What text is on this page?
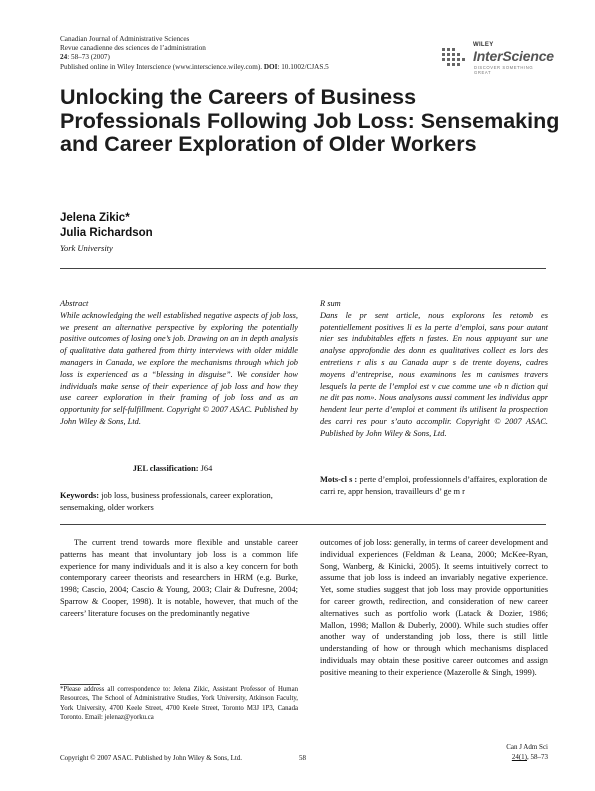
Canadian Journal of Administrative Sciences
Revue canadienne des sciences de l’administration
24: 58–73 (2007)
Published online in Wiley Interscience (www.interscience.wiley.com). DOI: 10.1002/CJAS.5
WILEY
InterScience
DISCOVER SOMETHING GREAT
Unlocking the Careers of Business Professionals Following Job Loss: Sensemaking and Career Exploration of Older Workers
Jelena Zikic*
Julia Richardson
York University
Abstract
While acknowledging the well established negative aspects of job loss, we present an alternative perspective by exploring the potentially positive outcomes of losing one’s job. Drawing on an in depth analysis of qualitative data gathered from thirty interviews with older middle managers in Canada, we explore the mechanisms through which job loss is experienced as a “blessing in disguise”. We consider how individuals make sense of their experience of job loss and how they use career exploration in their framing of job loss and as an opportunity for self-fulfillment. Copyright © 2007 ASAC. Published by John Wiley & Sons, Ltd.
JEL classification: J64
Keywords: job loss, business professionals, career exploration, sensemaking, older workers
R sum
Dans le pr sent article, nous explorons les retomb es potentiellement positives li es la perte d’emploi, sans pour autant nier ses indubitables effets n fastes. En nous appuyant sur une analyse approfondie des donn es qualitatives collect es lors des entretiens r alis s au Canada aupr s de trente doyens, cadres moyens d’entreprise, nous examinons les m canismes travers lesquels la perte de l’emploi est v cue comme une «b n diction qui ne dit pas nom». Nous analysons aussi comment les individus appr hendent leur perte d’emploi et comment ils utilisent la prospection des carri res pour s’auto accomplir. Copyright © 2007 ASAC. Published by John Wiley & Sons, Ltd.
Mots-cl s : perte d’emploi, professionnels d’affaires, exploration de carri re, appr hension, travailleurs d’ ge m r
The current trend towards more flexible and unstable career patterns has meant that involuntary job loss is a common life experience for many individuals and it is also a key concern for both contemporary career theorists and researchers in HRM (e.g. Burke, 1998; Cascio, 2004; Cascio & Young, 2003; Clair & Dufresne, 2004; Sparrow & Cooper, 1998). It is notable, however, that much of the careers’ literature focuses on the predominantly negative
outcomes of job loss: generally, in terms of career development and individual experiences (Feldman & Leana, 2000; McKee-Ryan, Song, Wanberg, & Kinicki, 2005). It seems intuitively correct to assume that job loss is indeed an invariably negative experience. Yet, some studies suggest that job loss may provide opportunities for career growth, redirection, and consideration of new career alternatives such as portfolio work (Latack & Dozier, 1986; Mallon, 1998; Mallon & Duberly, 2000). While such studies offer another way of understanding job loss, there is still little understanding of how or through which mechanisms displaced individuals may obtain these positive career outcomes and assign positive meaning to their experience (Mazerolle & Singh, 1999).
*Please address all correspondence to: Jelena Zikic, Assistant Professor of Human Resources, The School of Administrative Studies, York University, Atkinson Faculty, York University, 4700 Keele Street, 4700 Keele Street, Toronto M3J 1P3, Canada Toronto. Email: jelenaz@yorku.ca
Copyright © 2007 ASAC. Published by John Wiley & Sons, Ltd.	58
Can J Adm Sci
24(1), 58–73
